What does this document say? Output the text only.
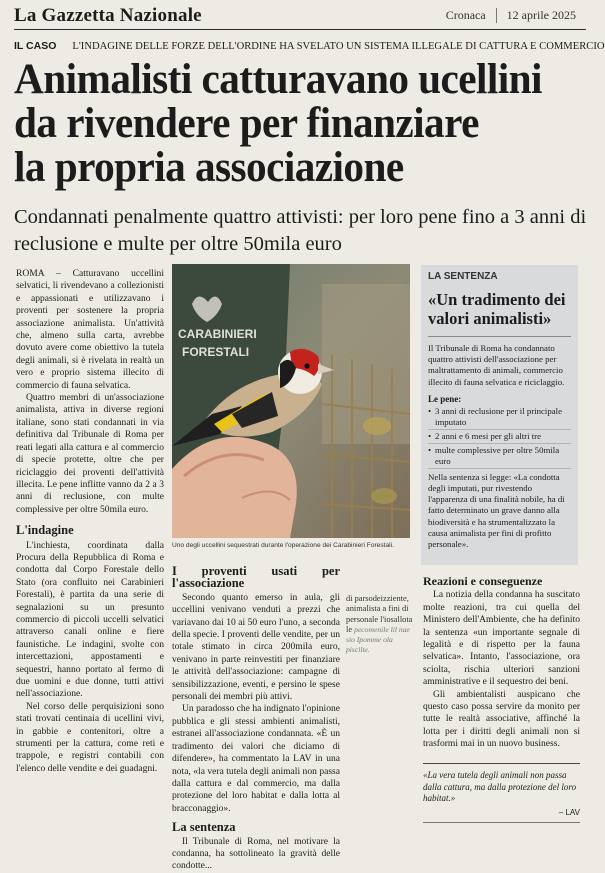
La Gazzetta Nazionale	Cronaca	12 aprile 2025
IL CASO	L'INDAGINE DELLE FORZE DELL'ORDINE HA SVELATO UN SISTEMA ILLEGALE DI CATTURA E COMMERCIO
Animalisti catturavano ucellini
da rivendere per finanziare
la propria associazione
Condannati penalmente quattro attivisti: per loro pene fino a 3 anni di reclusione e multe per oltre 50mila euro

ROMA – Catturavano uccellini selvatici, li rivendevano a collezionisti e appassionati e utilizzavano i proventi per sostenere la propria associazione animalista. Un'attività che, almeno sulla carta, avrebbe dovuto avere come obiettivo la tutela degli animali, si è rivelata in realtà un vero e proprio sistema illecito di commercio di fauna selvatica.

Quattro membri di un'associazione animalista, attiva in diverse regioni italiane, sono stati condannati in via definitiva dal Tribunale di Roma per reati legati alla cattura e al commercio di specie protette, oltre che per riciclaggio dei proventi dell'attività illecita. Le pene inflitte vanno da 2 a 3 anni di reclusione, con multe complessive per oltre 50mila euro.

L'indagine

L'inchiesta, coordinata dalla Procura della Repubblica di Roma e condotta dal Corpo Forestale dello Stato (ora confluito nei Carabinieri Forestali), è partita da una serie di segnalazioni su un presunto commercio di piccoli uccelli selvatici attraverso canali online e fiere faunistiche. Le indagini, svolte con intercettazioni, appostamenti e sequestri, hanno portato al fermo di due uomini e due donne, tutti attivi nell'associazione.

Nel corso delle perquisizioni sono stati trovati centinaia di ucellini vivi, in gabbie e contenitori, oltre a strumenti per la cattura, come reti e trappole, e registri contabili con l'elenco delle vendite e dei guadagni.

CARABINIERI
FORESTALI
Uno degli uccellini sequestrati durante l'operazione dei Carabinieri Forestali.
LA SENTENZA
«Un tradimento dei valori animalisti»

Il Tribunale di Roma ha condannato quattro attivisti dell'associazione per maltrattamento di animali, commercio illecito di fauna selvatica e riciclaggio.

Le pene:
• 3 anni di reclusione per il principale imputato
• 2 anni e 6 mesi per gli altri tre
• multe complessive per oltre 50mila euro

Nella sentenza si legge: «La condotta degli imputati, pur rivestendo l'apparenza di una finalità nobile, ha di fatto determinato un grave danno alla biodiversità e ha strumentalizzato la causa animalista per fini di profitto personale».

I proventi usati per l'associazione

Secondo quanto emerso in aula, gli uccellini venivano venduti a prezzi che variavano dai 10 ai 50 euro l'uno, a seconda della specie. I proventi delle vendite, per un totale stimato in circa 200mila euro, venivano in parte reinvestiti per finanziare le attività dell'associazione: campagne di sensibilizzazione, eventi, e persino le spese personali dei membri più attivi.

Un paradosso che ha indignato l'opinione pubblica e gli stessi ambienti animalisti, estranei all'associazione condannata. «È un tradimento dei valori che diciamo di difendere», ha commentato la LAV in una nota, «la vera tutela degli animali non passa dalla cattura e dal commercio, ma dalla protezione del loro habitat e dalla lotta al bracconaggio».

La sentenza

Il Tribunale di Roma, nel motivare la condanna, ha sottolineato la gravità delle condotte...

di parsodeizziente, animalista a fini di personale l'iosallota le pecomenile lil nae sio Ipomme ola piscilte.
Reazioni e conseguenze

La notizia della condanna ha suscitato molte reazioni, tra cui quella del Ministero dell'Ambiente, che ha definito la sentenza «un importante segnale di legalità e di rispetto per la fauna selvatica». Intanto, l'associazione, ora sciolta, rischia ulteriori sanzioni amministrative e il sequestro dei beni.

Gli ambientalisti auspicano che questo caso possa servire da monito per tutte le realtà associative, affinché la lotta per i diritti degli animali non si trasformi mai in un nuovo business.

«La vera tutela degli animali non passa dalla cattura, ma dalla protezione del loro habitat.»
– LAV
